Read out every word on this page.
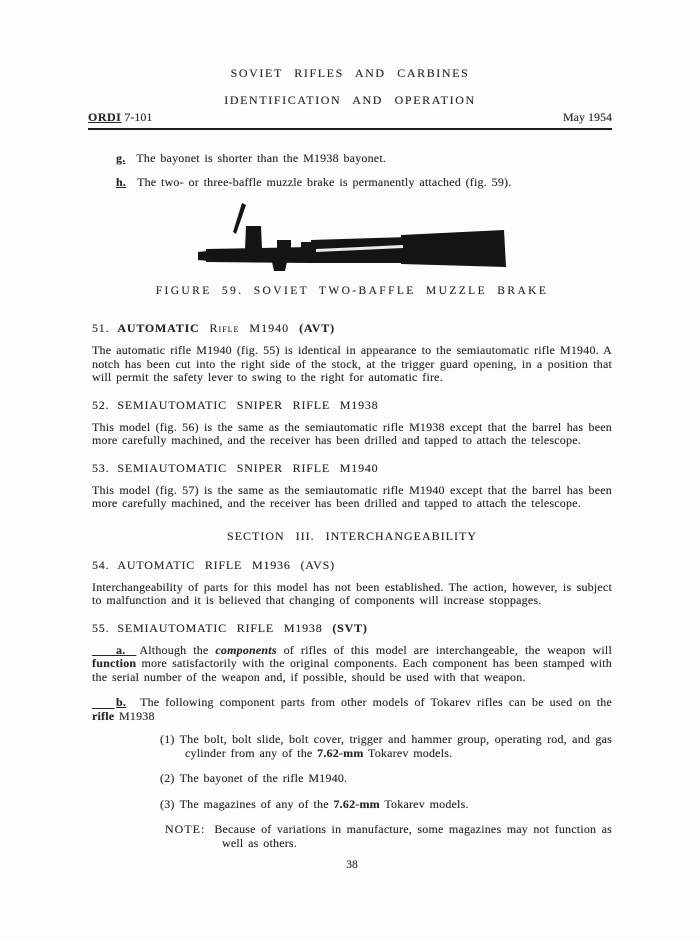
SOVIET RIFLES AND CARBINES
IDENTIFICATION AND OPERATION
ORDI 7-101	May 1954

g. The bayonet is shorter than the M1938 bayonet.

h. The two- or three-baffle muzzle brake is permanently attached (fig. 59).

FIGURE 59. SOVIET TWO-BAFFLE MUZZLE BRAKE

51. AUTOMATIC Rifle M1940 (AVT)

The automatic rifle M1940 (fig. 55) is identical in appearance to the semiautomatic rifle M1940. A notch has been cut into the right side of the stock, at the trigger guard opening, in a position that will permit the safety lever to swing to the right for automatic fire.

52. SEMIAUTOMATIC SNIPER RIFLE M1938

This model (fig. 56) is the same as the semiautomatic rifle M1938 except that the barrel has been more carefully machined, and the receiver has been drilled and tapped to attach the telescope.

53. SEMIAUTOMATIC SNIPER RIFLE M1940

This model (fig. 57) is the same as the semiautomatic rifle M1940 except that the barrel has been more carefully machined, and the receiver has been drilled and tapped to attach the telescope.

SECTION III. INTERCHANGEABILITY

54. AUTOMATIC RIFLE M1936 (AVS)

Interchangeability of parts for this model has not been established. The action, however, is subject to malfunction and it is believed that changing of components will increase stoppages.

55. SEMIAUTOMATIC RIFLE M1938 (SVT)

a. Although the components of rifles of this model are interchangeable, the weapon will function more satisfactorily with the original components. Each component has been stamped with the serial number of the weapon and, if possible, should be used with that weapon.

b. The following component parts from other models of Tokarev rifles can be used on the rifle M1938

(1) The bolt, bolt slide, bolt cover, trigger and hammer group, operating rod, and gas cylinder from any of the 7.62-mm Tokarev models.

(2) The bayonet of the rifle M1940.

(3) The magazines of any of the 7.62-mm Tokarev models.

NOTE: Because of variations in manufacture, some magazines may not function as well as others.

38
